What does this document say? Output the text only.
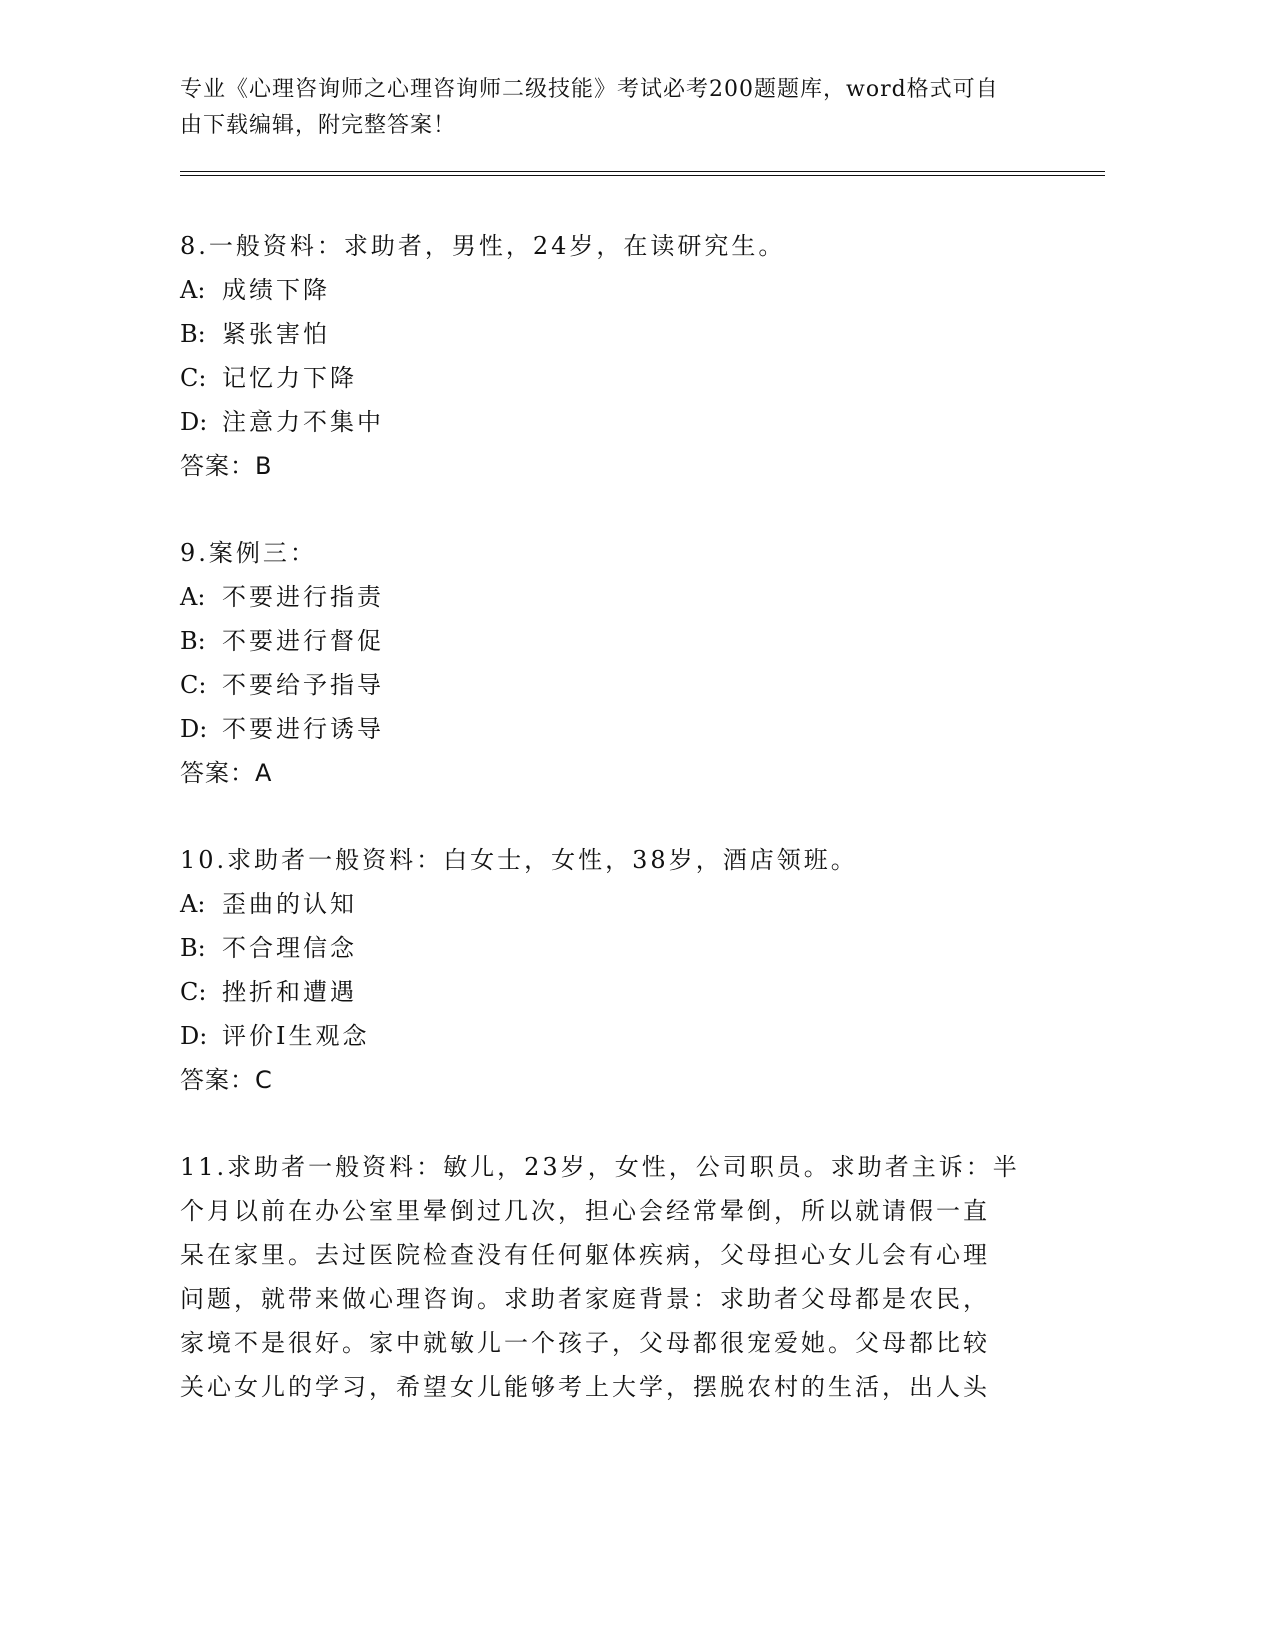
专业《心理咨询师之心理咨询师二级技能》考试必考200题题库，word格式可自
由下载编辑，附完整答案！
8.一般资料：求助者，男性，24岁，在读研究生。
A: 成绩下降
B: 紧张害怕
C: 记忆力下降
D: 注意力不集中
答案：B
9.案例三：
A: 不要进行指责
B: 不要进行督促
C: 不要给予指导
D: 不要进行诱导
答案：A
10.求助者一般资料：白女士，女性，38岁，酒店领班。
A: 歪曲的认知
B: 不合理信念
C: 挫折和遭遇
D: 评价I生观念
答案：C
11.求助者一般资料：敏儿，23岁，女性，公司职员。求助者主诉：半
个月以前在办公室里晕倒过几次，担心会经常晕倒，所以就请假一直
呆在家里。去过医院检查没有任何躯体疾病，父母担心女儿会有心理
问题，就带来做心理咨询。求助者家庭背景：求助者父母都是农民，
家境不是很好。家中就敏儿一个孩子，父母都很宠爱她。父母都比较
关心女儿的学习，希望女儿能够考上大学，摆脱农村的生活，出人头
